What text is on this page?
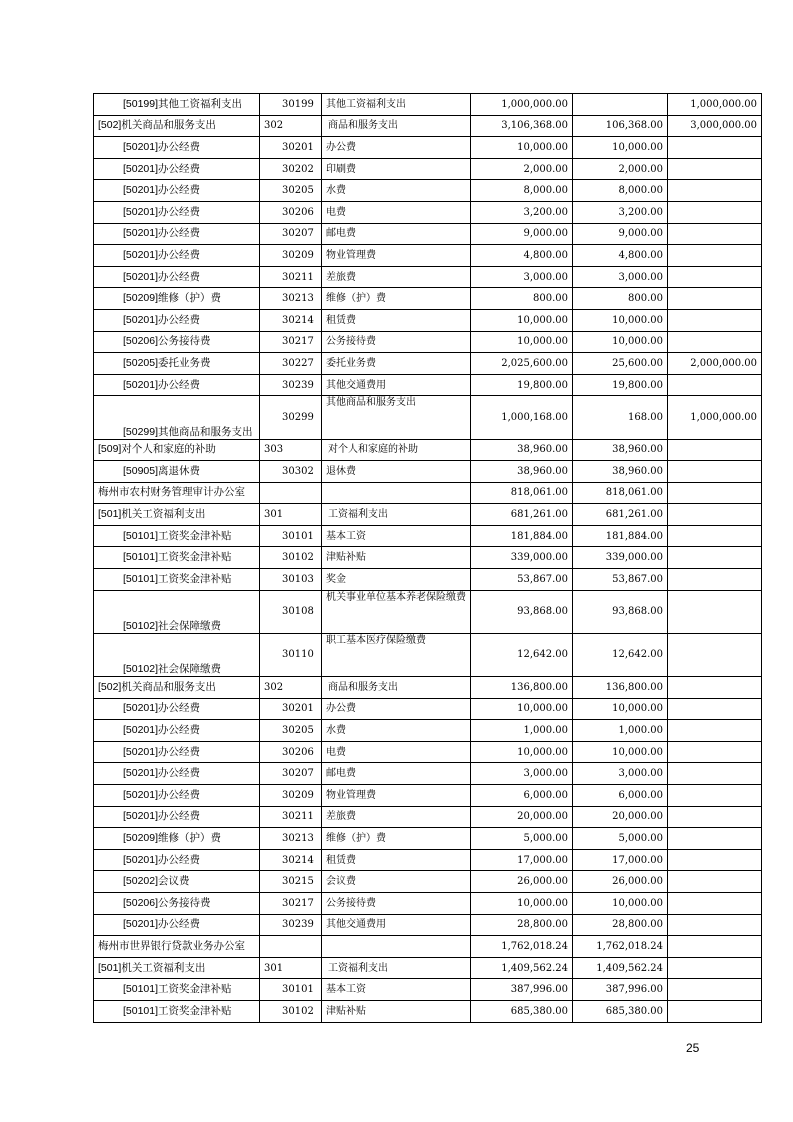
[50199]其他工资福利支出	30199	其他工资福利支出	1,000,000.00		1,000,000.00
[502]机关商品和服务支出	302	商品和服务支出	3,106,368.00	106,368.00	3,000,000.00
[50201]办公经费	30201	办公费	10,000.00	10,000.00	
[50201]办公经费	30202	印刷费	2,000.00	2,000.00	
[50201]办公经费	30205	水费	8,000.00	8,000.00	
[50201]办公经费	30206	电费	3,200.00	3,200.00	
[50201]办公经费	30207	邮电费	9,000.00	9,000.00	
[50201]办公经费	30209	物业管理费	4,800.00	4,800.00	
[50201]办公经费	30211	差旅费	3,000.00	3,000.00	
[50209]维修（护）费	30213	维修（护）费	800.00	800.00	
[50201]办公经费	30214	租赁费	10,000.00	10,000.00	
[50206]公务接待费	30217	公务接待费	10,000.00	10,000.00	
[50205]委托业务费	30227	委托业务费	2,025,600.00	25,600.00	2,000,000.00
[50201]办公经费	30239	其他交通费用	19,800.00	19,800.00	
[50299]其他商品和服务支出	30299	其他商品和服务支出	1,000,168.00	168.00	1,000,000.00
[509]对个人和家庭的补助	303	对个人和家庭的补助	38,960.00	38,960.00	
[50905]离退休费	30302	退休费	38,960.00	38,960.00	
梅州市农村财务管理审计办公室			818,061.00	818,061.00	
[501]机关工资福利支出	301	工资福利支出	681,261.00	681,261.00	
[50101]工资奖金津补贴	30101	基本工资	181,884.00	181,884.00	
[50101]工资奖金津补贴	30102	津贴补贴	339,000.00	339,000.00	
[50101]工资奖金津补贴	30103	奖金	53,867.00	53,867.00	
[50102]社会保障缴费	30108	机关事业单位基本养老保险缴费	93,868.00	93,868.00	
[50102]社会保障缴费	30110	职工基本医疗保险缴费	12,642.00	12,642.00	
[502]机关商品和服务支出	302	商品和服务支出	136,800.00	136,800.00	
[50201]办公经费	30201	办公费	10,000.00	10,000.00	
[50201]办公经费	30205	水费	1,000.00	1,000.00	
[50201]办公经费	30206	电费	10,000.00	10,000.00	
[50201]办公经费	30207	邮电费	3,000.00	3,000.00	
[50201]办公经费	30209	物业管理费	6,000.00	6,000.00	
[50201]办公经费	30211	差旅费	20,000.00	20,000.00	
[50209]维修（护）费	30213	维修（护）费	5,000.00	5,000.00	
[50201]办公经费	30214	租赁费	17,000.00	17,000.00	
[50202]会议费	30215	会议费	26,000.00	26,000.00	
[50206]公务接待费	30217	公务接待费	10,000.00	10,000.00	
[50201]办公经费	30239	其他交通费用	28,800.00	28,800.00	
梅州市世界银行贷款业务办公室			1,762,018.24	1,762,018.24	
[501]机关工资福利支出	301	工资福利支出	1,409,562.24	1,409,562.24	
[50101]工资奖金津补贴	30101	基本工资	387,996.00	387,996.00	
[50101]工资奖金津补贴	30102	津贴补贴	685,380.00	685,380.00	
25
